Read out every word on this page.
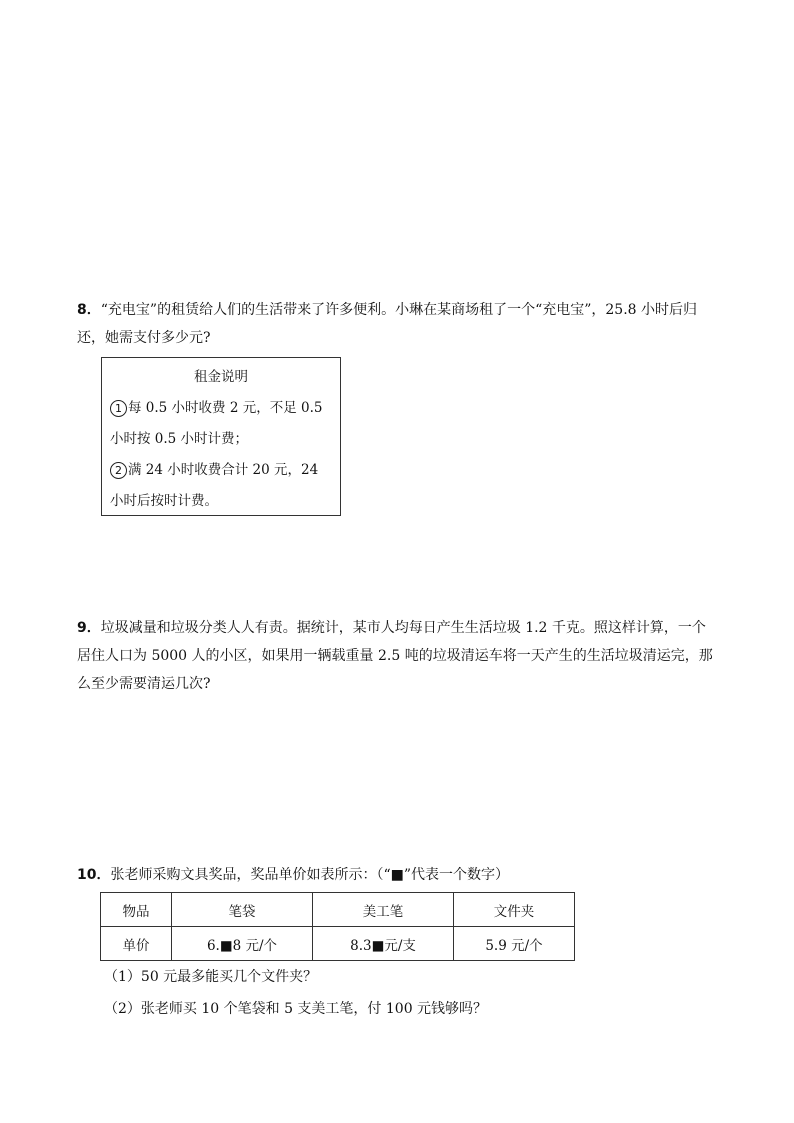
8．“充电宝”的租赁给人们的生活带来了许多便利。小琳在某商场租了一个“充电宝”，25.8 小时后归还，她需支付多少元?
租金说明
1 每 0.5 小时收费 2 元，不足 0.5 小时按 0.5 小时计费；
2 满 24 小时收费合计 20 元，24 小时后按时计费。
9．垃圾减量和垃圾分类人人有责。据统计，某市人均每日产生生活垃圾 1.2 千克。照这样计算，一个居住人口为 5000 人的小区，如果用一辆载重量 2.5 吨的垃圾清运车将一天产生的生活垃圾清运完，那么至少需要清运几次?
10．张老师采购文具奖品，奖品单价如表所示：（“■”代表一个数字）
物品	笔袋	美工笔	文件夹
单价	6.■8 元/个	8.3■元/支	5.9 元/个
（1）50 元最多能买几个文件夹？
（2）张老师买 10 个笔袋和 5 支美工笔，付 100 元钱够吗？
